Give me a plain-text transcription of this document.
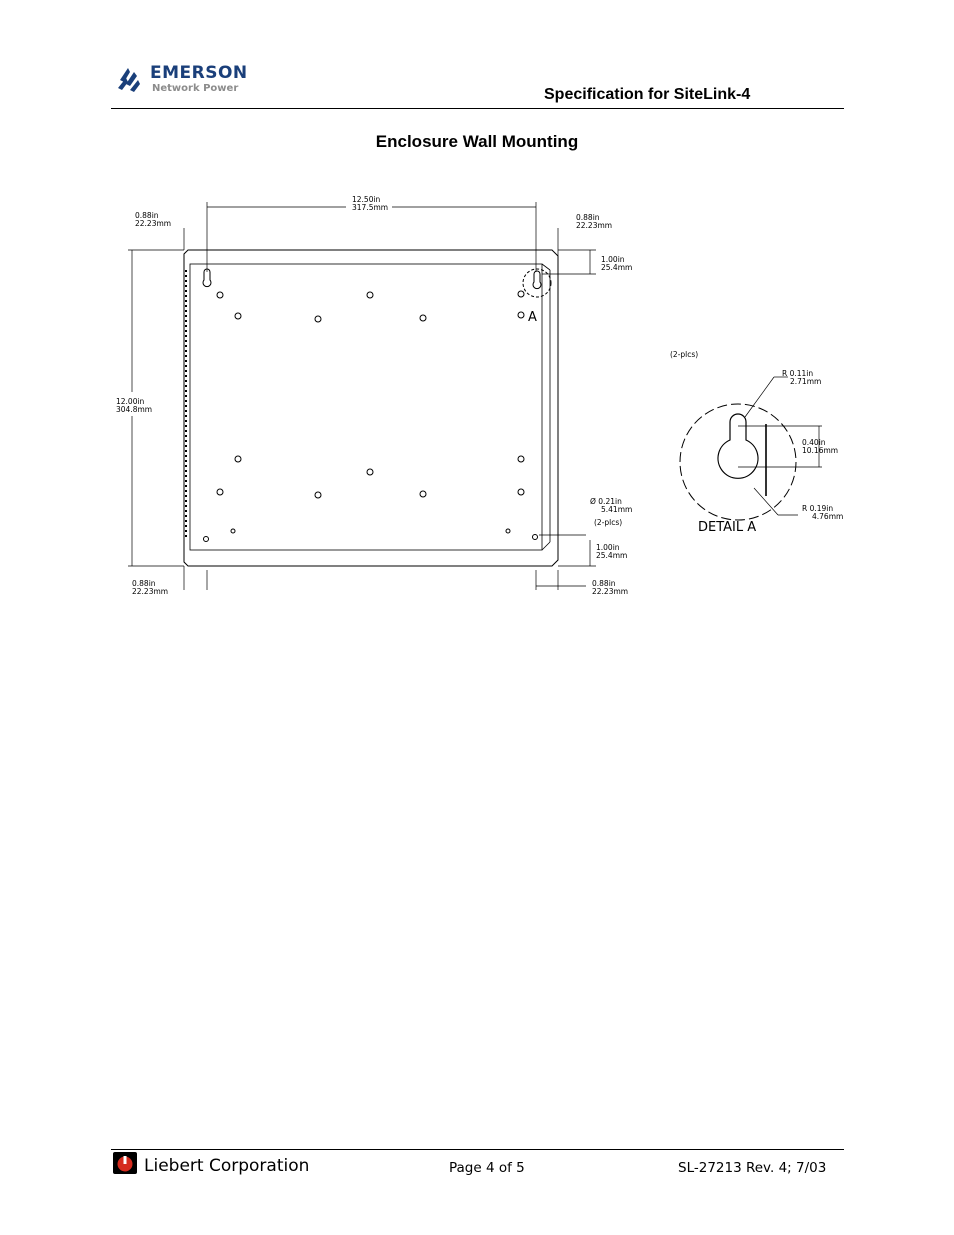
EMERSON
Network Power	Specification for SiteLink-4
Enclosure Wall Mounting
12.50in
317.5mm
0.88in
22.23mm
0.88in
22.23mm
1.00in
25.4mm
12.00in
304.8mm
Ø 0.21in
5.41mm
(2-plcs)
1.00in
25.4mm
0.88in
22.23mm
0.88in
22.23mm
A
(2-plcs)
R 0.11in
2.71mm
0.40in
10.16mm
R 0.19in
4.76mm
DETAIL A
Liebert Corporation	Page 4 of 5	SL-27213 Rev. 4; 7/03
